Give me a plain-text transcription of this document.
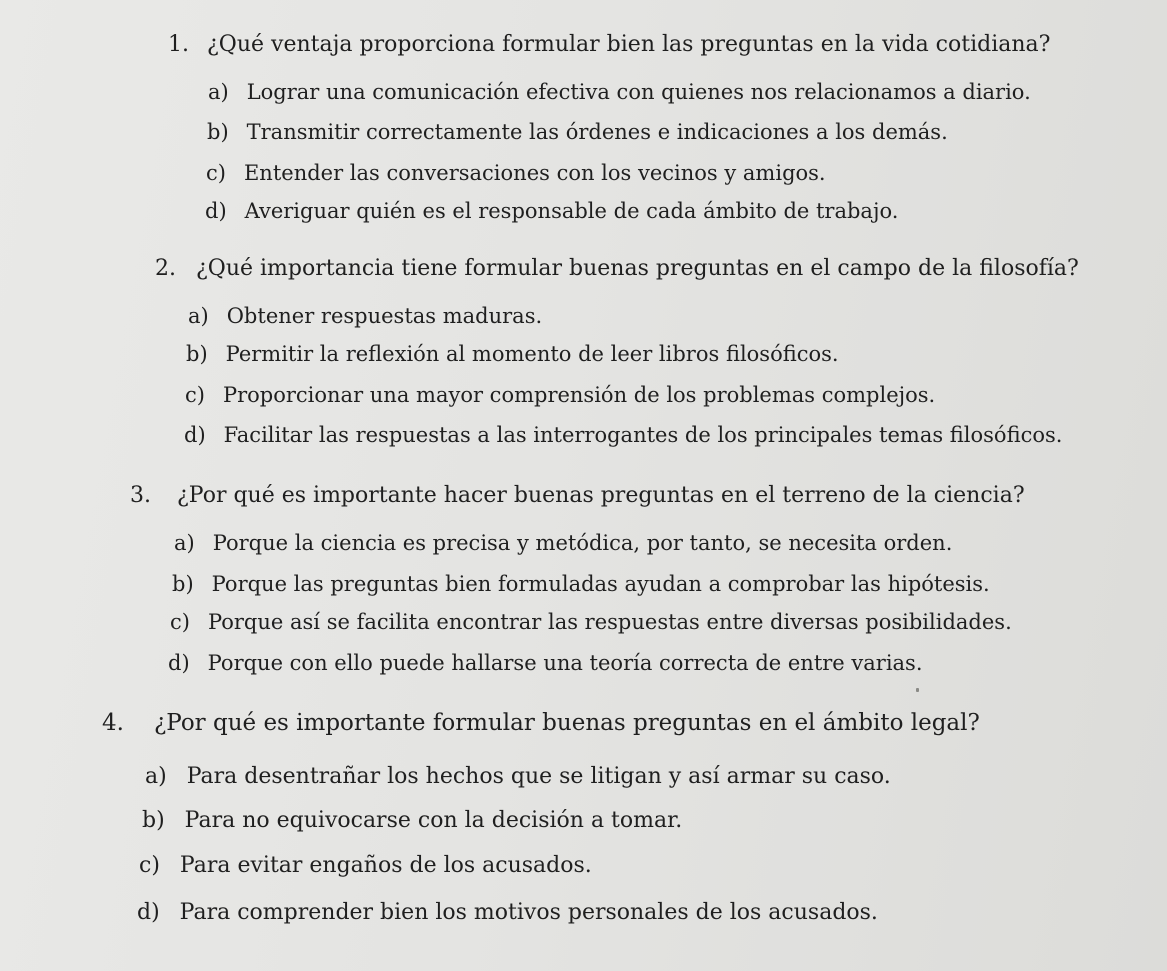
1. ¿Qué ventaja proporciona formular bien las preguntas en la vida cotidiana?

a) Lograr una comunicación efectiva con quienes nos relacionamos a diario.

b) Transmitir correctamente las órdenes e indicaciones a los demás.

c) Entender las conversaciones con los vecinos y amigos.

d) Averiguar quién es el responsable de cada ámbito de trabajo.

2. ¿Qué importancia tiene formular buenas preguntas en el campo de la filosofía?

a) Obtener respuestas maduras.

b) Permitir la reflexión al momento de leer libros filosóficos.

c) Proporcionar una mayor comprensión de los problemas complejos.

d) Facilitar las respuestas a las interrogantes de los principales temas filosóficos.

3. ¿Por qué es importante hacer buenas preguntas en el terreno de la ciencia?

a) Porque la ciencia es precisa y metódica, por tanto, se necesita orden.

b) Porque las preguntas bien formuladas ayudan a comprobar las hipótesis.

c) Porque así se facilita encontrar las respuestas entre diversas posibilidades.

d) Porque con ello puede hallarse una teoría correcta de entre varias.

4. ¿Por qué es importante formular buenas preguntas en el ámbito legal?

a) Para desentrañar los hechos que se litigan y así armar su caso.

b) Para no equivocarse con la decisión a tomar.

c) Para evitar engaños de los acusados.

d) Para comprender bien los motivos personales de los acusados.
